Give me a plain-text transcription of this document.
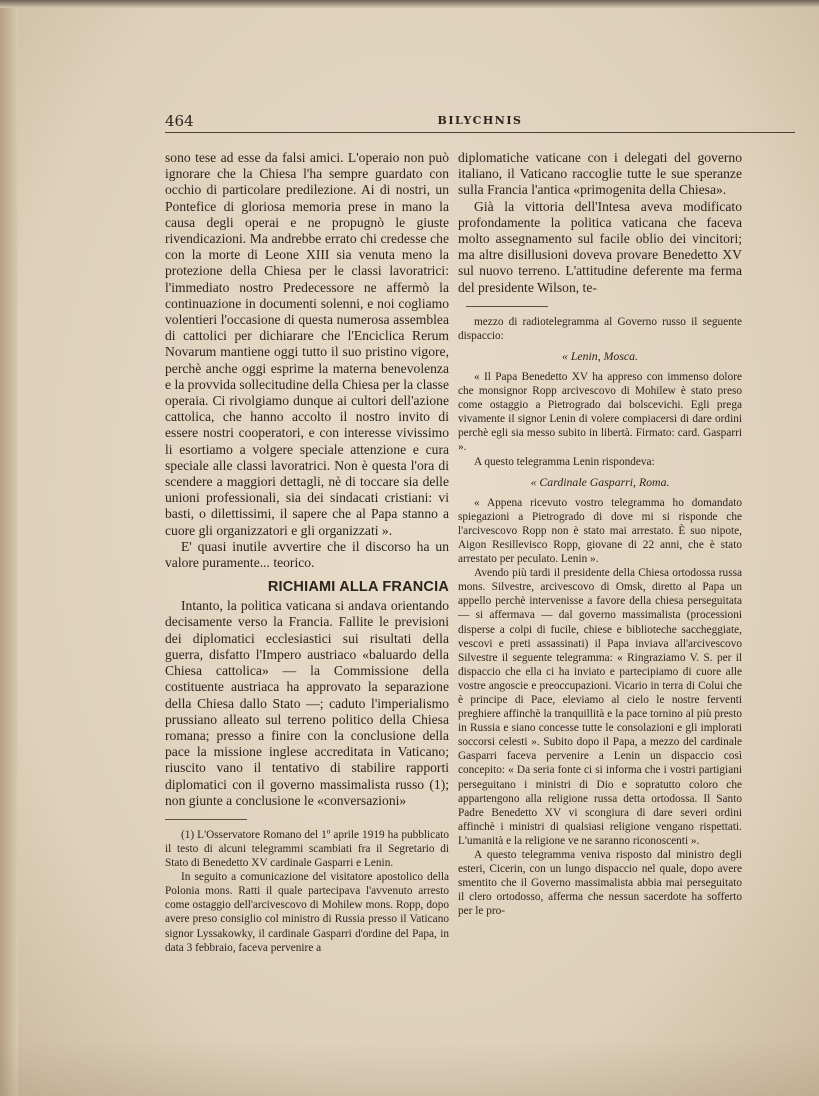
464	BILYCHNIS

sono tese ad esse da falsi amici. L'operaio non può ignorare che la Chiesa l'ha sempre guardato con occhio di particolare predilezione. Ai di nostri, un Pontefice di gloriosa memoria prese in mano la causa degli operai e ne propugnò le giuste rivendicazioni. Ma andrebbe errato chi credesse che con la morte di Leone XIII sia venuta meno la protezione della Chiesa per le classi lavoratrici: l'immediato nostro Predecessore ne affermò la continuazione in documenti solenni, e noi cogliamo volentieri l'occasione di questa numerosa assemblea di cattolici per dichiarare che l'Enciclica Rerum Novarum mantiene oggi tutto il suo pristino vigore, perchè anche oggi esprime la materna benevolenza e la provvida sollecitudine della Chiesa per la classe operaia. Ci rivolgiamo dunque ai cultori dell'azione cattolica, che hanno accolto il nostro invito di essere nostri cooperatori, e con interesse vivissimo li esortiamo a volgere speciale attenzione e cura speciale alle classi lavoratrici. Non è questa l'ora di scendere a maggiori dettagli, nè di toccare sia delle unioni professionali, sia dei sindacati cristiani: vi basti, o dilettissimi, il sapere che al Papa stanno a cuore gli organizzatori e gli organizzati ».

E' quasi inutile avvertire che il discorso ha un valore puramente... teorico.

RICHIAMI ALLA FRANCIA

Intanto, la politica vaticana si andava orientando decisamente verso la Francia. Fallite le previsioni dei diplomatici ecclesiastici sui risultati della guerra, disfatto l'Impero austriaco «baluardo della Chiesa cattolica» — la Commissione della costituente austriaca ha approvato la separazione della Chiesa dallo Stato —; caduto l'imperialismo prussiano alleato sul terreno politico della Chiesa romana; presso a finire con la conclusione della pace la missione inglese accreditata in Vaticano; riuscito vano il tentativo di stabilire rapporti diplomatici con il governo massimalista russo (1); non giunte a conclusione le «conversazioni»

(1) L'Osservatore Romano del 1º aprile 1919 ha pubblicato il testo di alcuni telegrammi scambiati fra il Segretario di Stato di Benedetto XV cardinale Gasparri e Lenin.

In seguito a comunicazione del visitatore apostolico della Polonia mons. Ratti il quale partecipava l'avvenuto arresto come ostaggio dell'arcivescovo di Mohilew mons. Ropp, dopo avere preso consiglio col ministro di Russia presso il Vaticano signor Lyssakowky, il cardinale Gasparri d'ordine del Papa, in data 3 febbraio, faceva pervenire a

diplomatiche vaticane con i delegati del governo italiano, il Vaticano raccoglie tutte le sue speranze sulla Francia l'antica «primogenita della Chiesa».

Già la vittoria dell'Intesa aveva modificato profondamente la politica vaticana che faceva molto assegnamento sul facile oblio dei vincitori; ma altre disillusioni doveva provare Benedetto XV sul nuovo terreno. L'attitudine deferente ma ferma del presidente Wilson, te-

mezzo di radiotelegramma al Governo russo il seguente dispaccio:

« Lenin, Mosca.

« Il Papa Benedetto XV ha appreso con immenso dolore che monsignor Ropp arcivescovo di Mohilew è stato preso come ostaggio a Pietrogrado dai bolscevichi. Egli prega vivamente il signor Lenin di volere compiacersi di dare ordini perchè egli sia messo subito in libertà. Firmato: card. Gasparri ».

A questo telegramma Lenin rispondeva:

« Cardinale Gasparri, Roma.

« Appena ricevuto vostro telegramma ho domandato spiegazioni a Pietrogrado di dove mi si risponde che l'arcivescovo Ropp non è stato mai arrestato. È suo nipote, Aigon Resillevisco Ropp, giovane di 22 anni, che è stato arrestato per peculato. Lenin ».

Avendo più tardi il presidente della Chiesa ortodossa russa mons. Silvestre, arcivescovo di Omsk, diretto al Papa un appello perchè intervenisse a favore della chiesa perseguitata — si affermava — dal governo massimalista (processioni disperse a colpi di fucile, chiese e biblioteche saccheggiate, vescovi e preti assassinati) il Papa inviava all'arcivescovo Silvestre il seguente telegramma: « Ringraziamo V. S. per il dispaccio che ella ci ha inviato e partecipiamo di cuore alle vostre angoscie e preoccupazioni. Vicario in terra di Colui che è principe di Pace, eleviamo al cielo le nostre ferventi preghiere affinchè la tranquillità e la pace tornino al più presto in Russia e siano concesse tutte le consolazioni e gli implorati soccorsi celesti ». Subito dopo il Papa, a mezzo del cardinale Gasparri faceva pervenire a Lenin un dispaccio così concepito: « Da seria fonte ci si informa che i vostri partigiani perseguitano i ministri di Dio e sopratutto coloro che appartengono alla religione russa detta ortodossa. Il Santo Padre Benedetto XV vi scongiura di dare severi ordini affinchè i ministri di qualsiasi religione vengano rispettati. L'umanità e la religione ve ne saranno riconoscenti ».

A questo telegramma veniva risposto dal ministro degli esteri, Cicerin, con un lungo dispaccio nel quale, dopo avere smentito che il Governo massimalista abbia mai perseguitato il clero ortodosso, afferma che nessun sacerdote ha sofferto per le pro-
